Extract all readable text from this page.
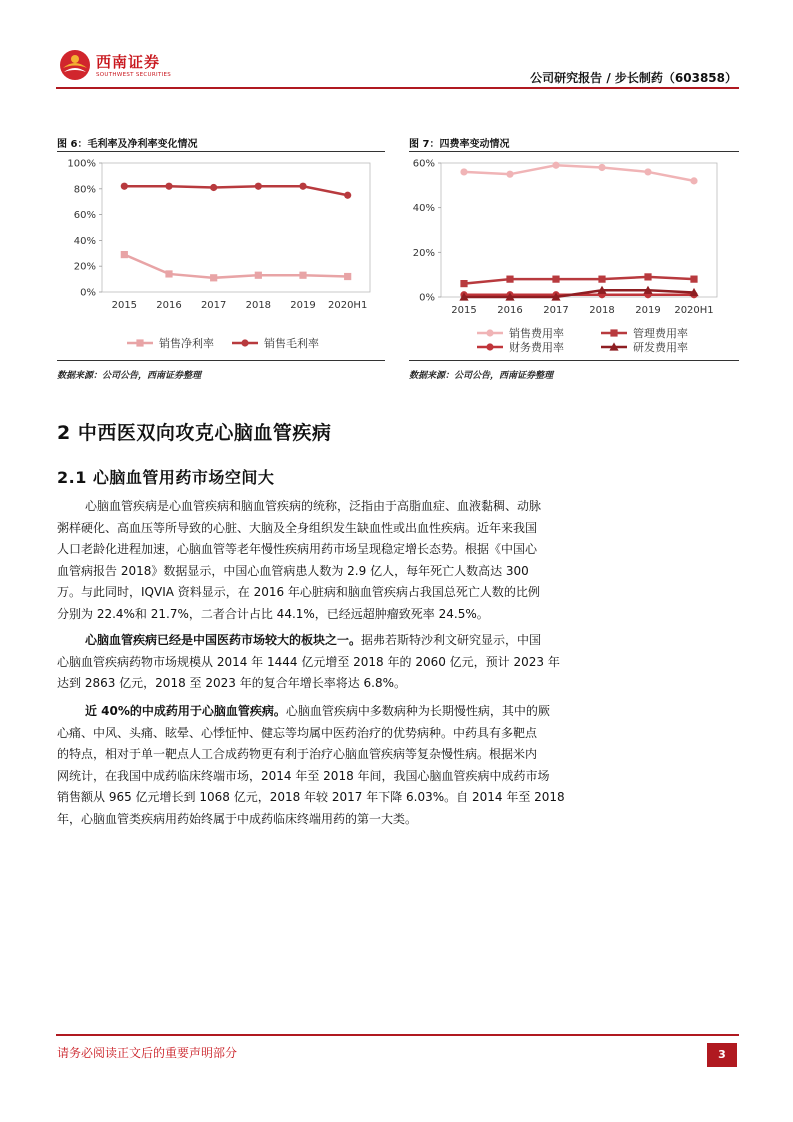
西南证券
SOUTHWEST SECURITIES	公司研究报告 / 步长制药（603858）
图 6：毛利率及净利率变化情况
0%
20%
40%
60%
80%
100%
2015 2016 2017 2018 2019 2020H1
销售净利率	销售毛利率
数据来源：公司公告，西南证券整理
图 7：四费率变动情况
0%
20%
40%
60%
2015 2016 2017 2018 2019 2020H1
销售费用率	管理费用率
财务费用率	研发费用率
数据来源：公司公告，西南证券整理
2 中西医双向攻克心脑血管疾病
2.1 心脑血管用药市场空间大
心脑血管疾病是心血管疾病和脑血管疾病的统称，泛指由于高脂血症、血液黏稠、动脉
粥样硬化、高血压等所导致的心脏、大脑及全身组织发生缺血性或出血性疾病。近年来我国
人口老龄化进程加速，心脑血管等老年慢性疾病用药市场呈现稳定增长态势。根据《中国心
血管病报告 2018》数据显示，中国心血管病患人数为 2.9 亿人，每年死亡人数高达 300
万。与此同时，IQVIA 资料显示，在 2016 年心脏病和脑血管疾病占我国总死亡人数的比例
分别为 22.4%和 21.7%，二者合计占比 44.1%，已经远超肿瘤致死率 24.5%。
心脑血管疾病已经是中国医药市场较大的板块之一。据弗若斯特沙利文研究显示，中国
心脑血管疾病药物市场规模从 2014 年 1444 亿元增至 2018 年的 2060 亿元，预计 2023 年
达到 2863 亿元，2018 至 2023 年的复合年增长率将达 6.8%。
近 40%的中成药用于心脑血管疾病。心脑血管疾病中多数病种为长期慢性病，其中的厥
心痛、中风、头痛、眩晕、心悸怔忡、健忘等均属中医药治疗的优势病种。中药具有多靶点
的特点，相对于单一靶点人工合成药物更有利于治疗心脑血管疾病等复杂慢性病。根据米内
网统计，在我国中成药临床终端市场，2014 年至 2018 年间，我国心脑血管疾病中成药市场
销售额从 965 亿元增长到 1068 亿元，2018 年较 2017 年下降 6.03%。自 2014 年至 2018
年，心脑血管类疾病用药始终属于中成药临床终端用药的第一大类。
请务必阅读正文后的重要声明部分	3
